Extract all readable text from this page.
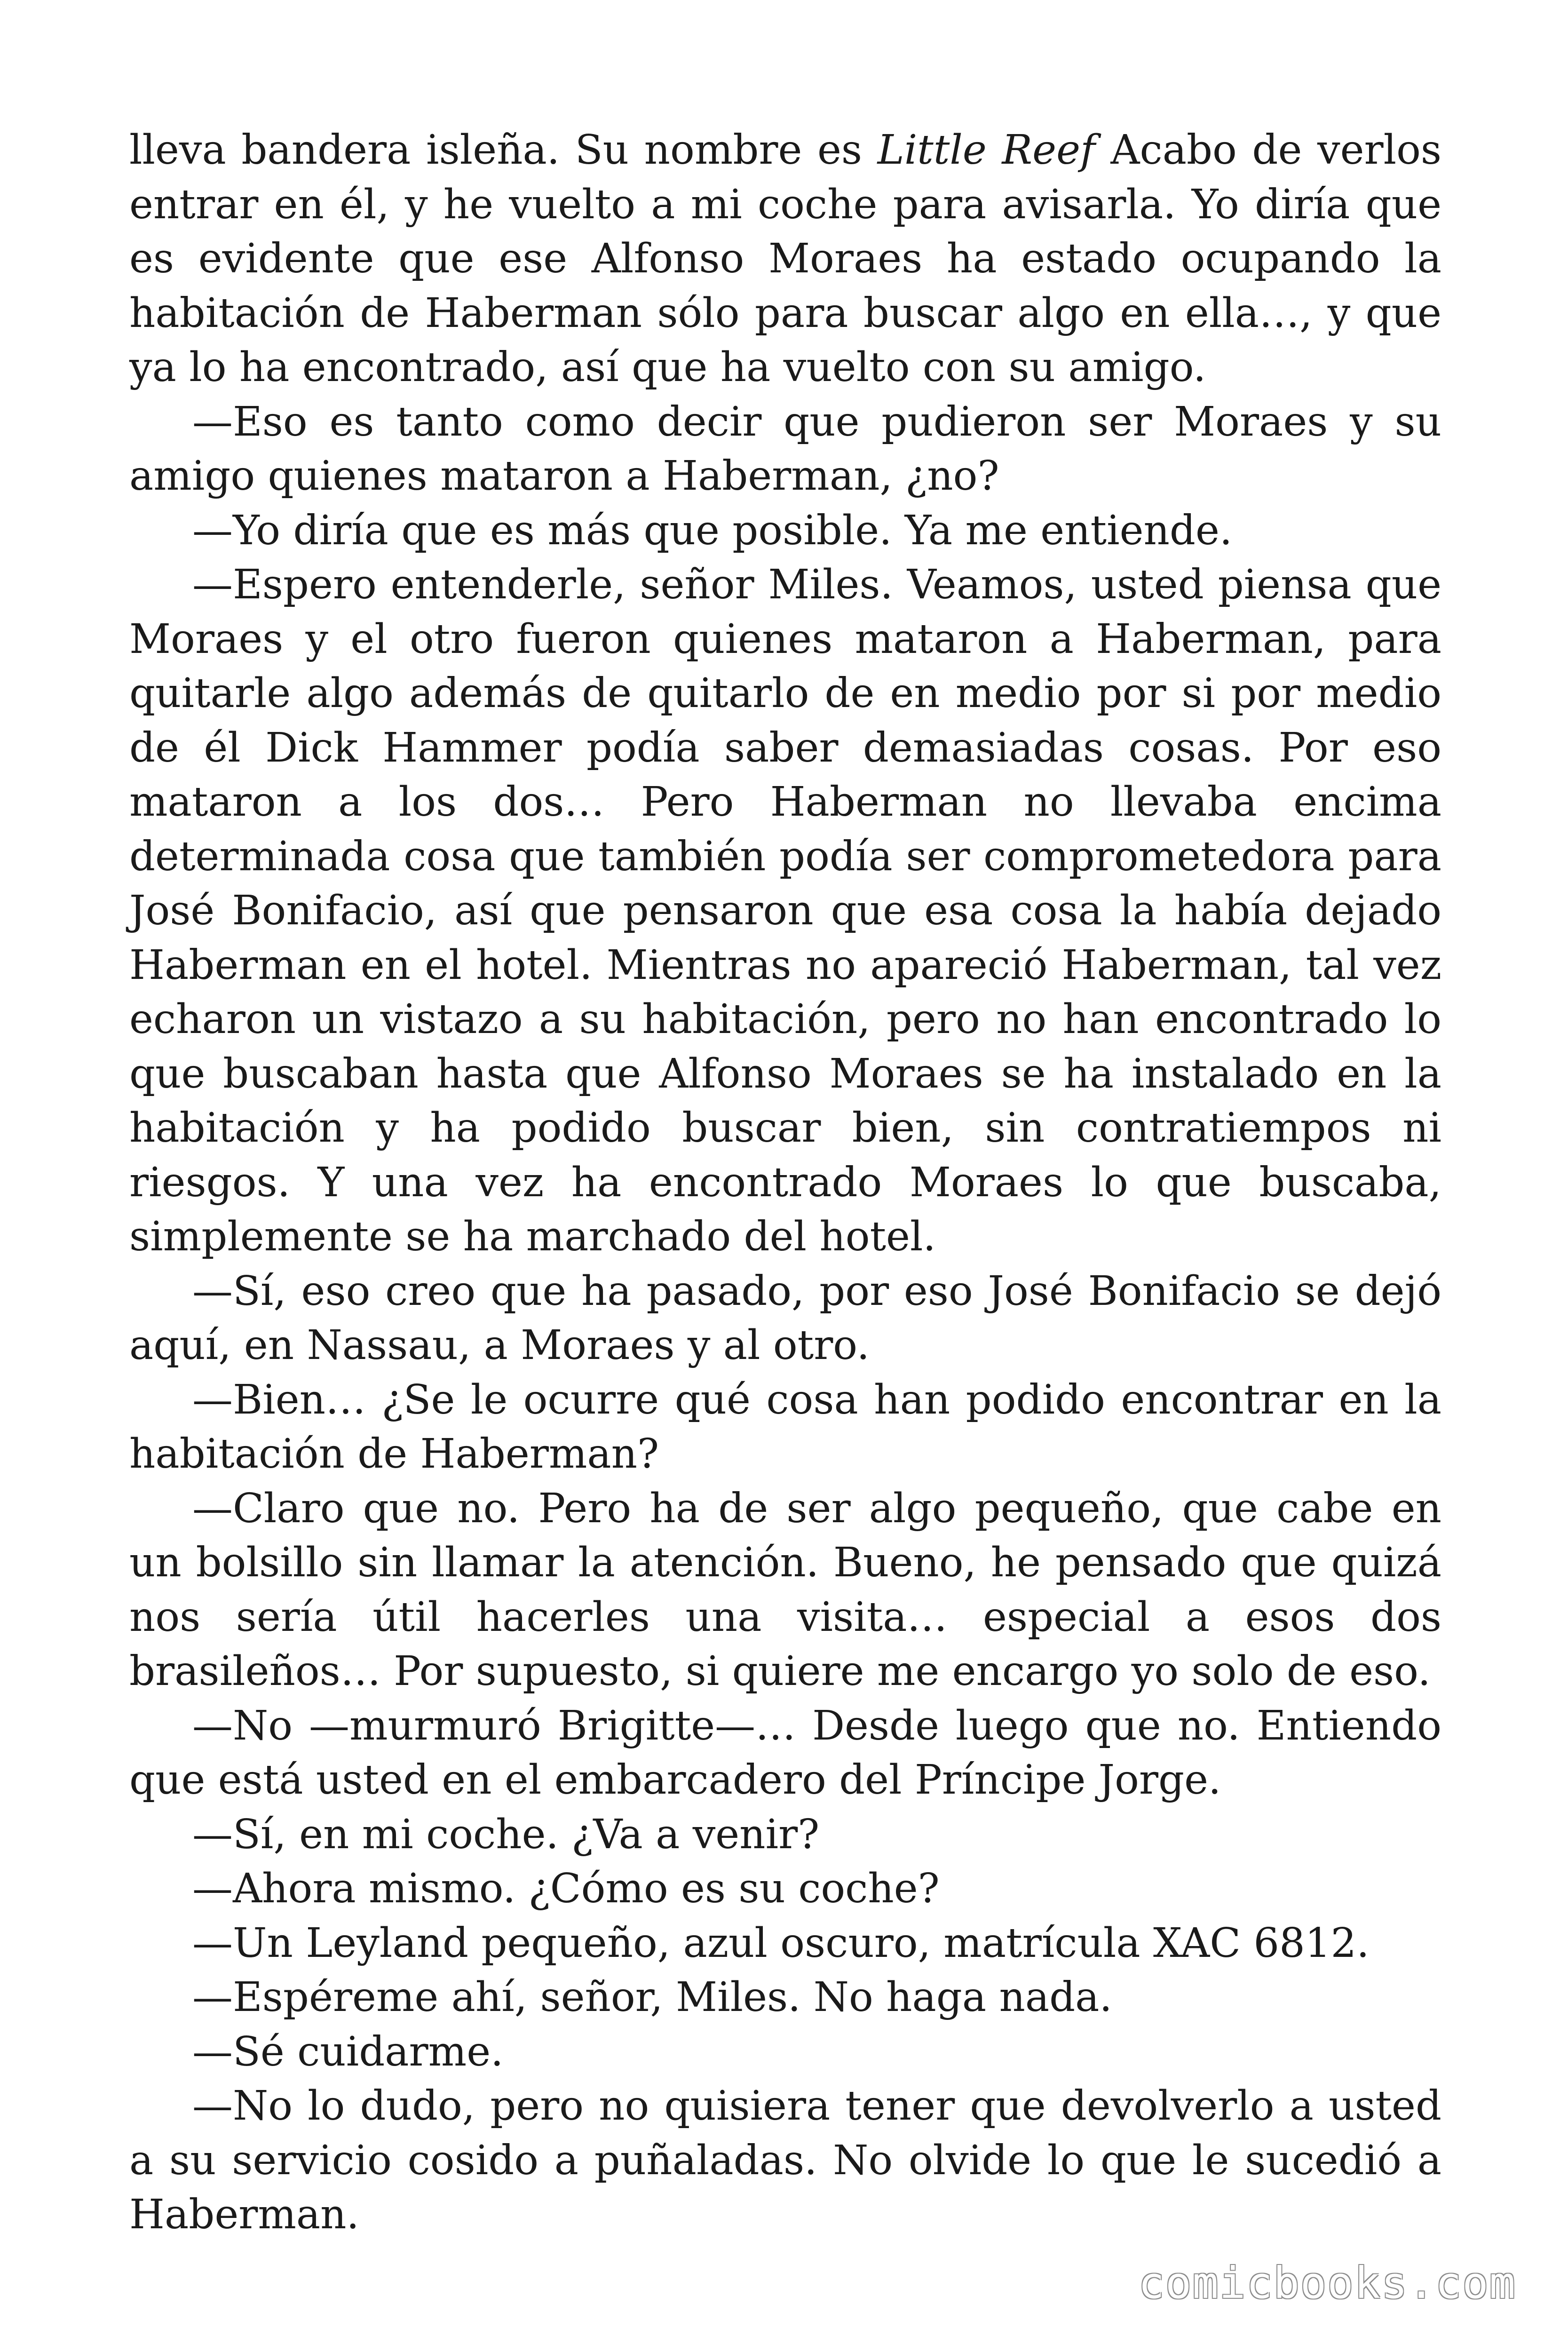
lleva bandera isleña. Su nombre es Little Reef Acabo de verlos entrar en él, y he vuelto a mi coche para avisarla. Yo diría que es evidente que ese Alfonso Moraes ha estado ocupando la habitación de Haberman sólo para buscar algo en ella…, y que ya lo ha encontrado, así que ha vuelto con su amigo.

—Eso es tanto como decir que pudieron ser Moraes y su amigo quienes mataron a Haberman, ¿no?

—Yo diría que es más que posible. Ya me entiende.

—Espero entenderle, señor Miles. Veamos, usted piensa que Moraes y el otro fueron quienes mataron a Haberman, para quitarle algo además de quitarlo de en medio por si por medio de él Dick Hammer podía saber demasiadas cosas. Por eso mataron a los dos… Pero Haberman no llevaba encima determinada cosa que también podía ser comprometedora para José Bonifacio, así que pensaron que esa cosa la había dejado Haberman en el hotel. Mientras no apareció Haberman, tal vez echaron un vistazo a su habitación, pero no han encontrado lo que buscaban hasta que Alfonso Moraes se ha instalado en la habitación y ha podido buscar bien, sin contratiempos ni riesgos. Y una vez ha encontrado Moraes lo que buscaba, simplemente se ha marchado del hotel.

—Sí, eso creo que ha pasado, por eso José Bonifacio se dejó aquí, en Nassau, a Moraes y al otro.

—Bien… ¿Se le ocurre qué cosa han podido encontrar en la habitación de Haberman?

—Claro que no. Pero ha de ser algo pequeño, que cabe en un bolsillo sin llamar la atención. Bueno, he pensado que quizá nos sería útil hacerles una visita… especial a esos dos brasileños… Por supuesto, si quiere me encargo yo solo de eso.

—No —murmuró Brigitte—… Desde luego que no. Entiendo que está usted en el embarcadero del Príncipe Jorge.

—Sí, en mi coche. ¿Va a venir?

—Ahora mismo. ¿Cómo es su coche?

—Un Leyland pequeño, azul oscuro, matrícula XAC 6812.

—Espéreme ahí, señor, Miles. No haga nada.

—Sé cuidarme.

—No lo dudo, pero no quisiera tener que devolverlo a usted a su servicio cosido a puñaladas. No olvide lo que le sucedió a Haberman.

comicbooks.com
